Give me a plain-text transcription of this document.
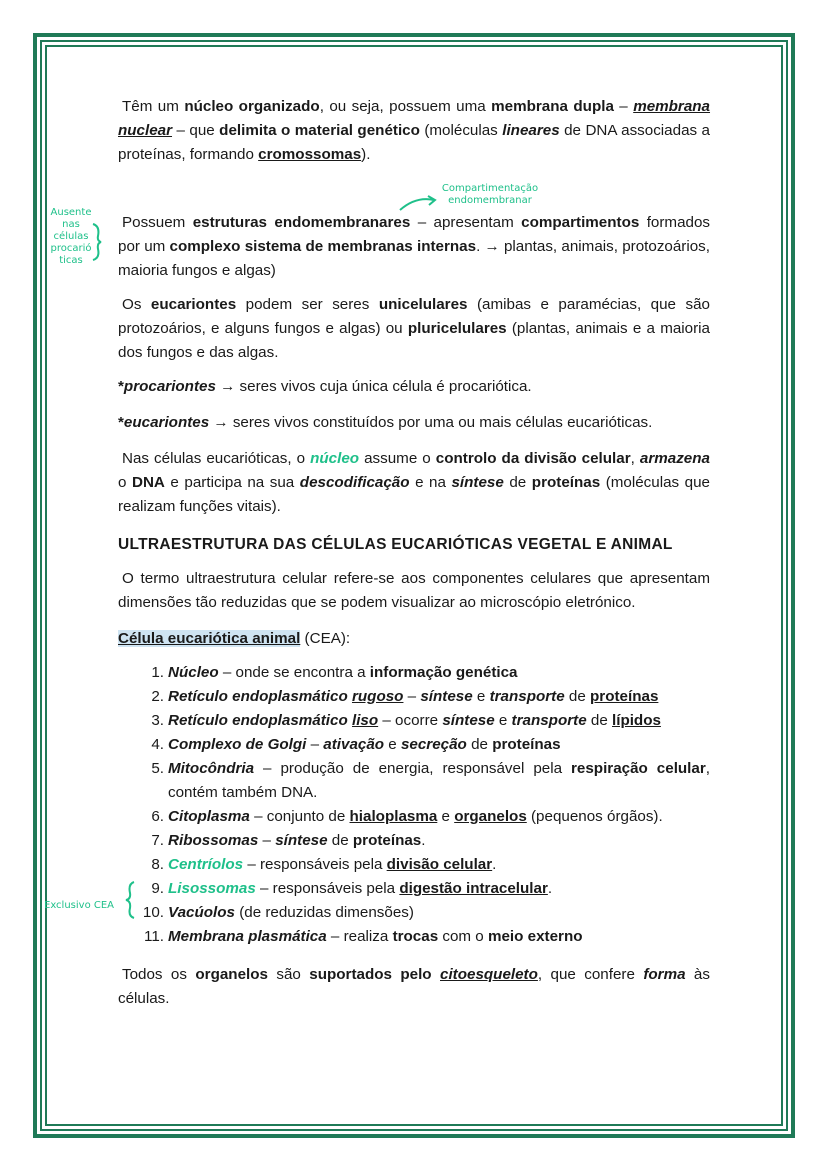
Ausente
nas
células
procarió
ticas
Compartimentação
endomembranar
Exclusivo CEA

Têm um núcleo organizado, ou seja, possuem uma membrana dupla – membrana nuclear – que delimita o material genético (moléculas lineares de DNA associadas a proteínas, formando cromossomas).

Possuem estruturas endomembranares – apresentam compartimentos formados por um complexo sistema de membranas internas. → plantas, animais, protozoários, maioria fungos e algas)

Os eucariontes podem ser seres unicelulares (amibas e paramécias, que são protozoários, e alguns fungos e algas) ou pluricelulares (plantas, animais e a maioria dos fungos e das algas.

*procariontes → seres vivos cuja única célula é procariótica.

*eucariontes → seres vivos constituídos por uma ou mais células eucarióticas.

Nas células eucarióticas, o núcleo assume o controlo da divisão celular, armazena o DNA e participa na sua descodificação e na síntese de proteínas (moléculas que realizam funções vitais).

ULTRAESTRUTURA DAS CÉLULAS EUCARIÓTICAS VEGETAL E ANIMAL

O termo ultraestrutura celular refere-se aos componentes celulares que apresentam dimensões tão reduzidas que se podem visualizar ao microscópio eletrónico.

Célula eucariótica animal (CEA):

1. Núcleo – onde se encontra a informação genética
2. Retículo endoplasmático rugoso – síntese e transporte de proteínas
3. Retículo endoplasmático liso – ocorre síntese e transporte de lípidos
4. Complexo de Golgi – ativação e secreção de proteínas
5. Mitocôndria – produção de energia, responsável pela respiração celular, contém também DNA.
6. Citoplasma – conjunto de hialoplasma e organelos (pequenos órgãos).
7. Ribossomas – síntese de proteínas.
8. Centríolos – responsáveis pela divisão celular.
9. Lisossomas – responsáveis pela digestão intracelular.
10. Vacúolos (de reduzidas dimensões)
11. Membrana plasmática – realiza trocas com o meio externo

Todos os organelos são suportados pelo citoesqueleto, que confere forma às células.
